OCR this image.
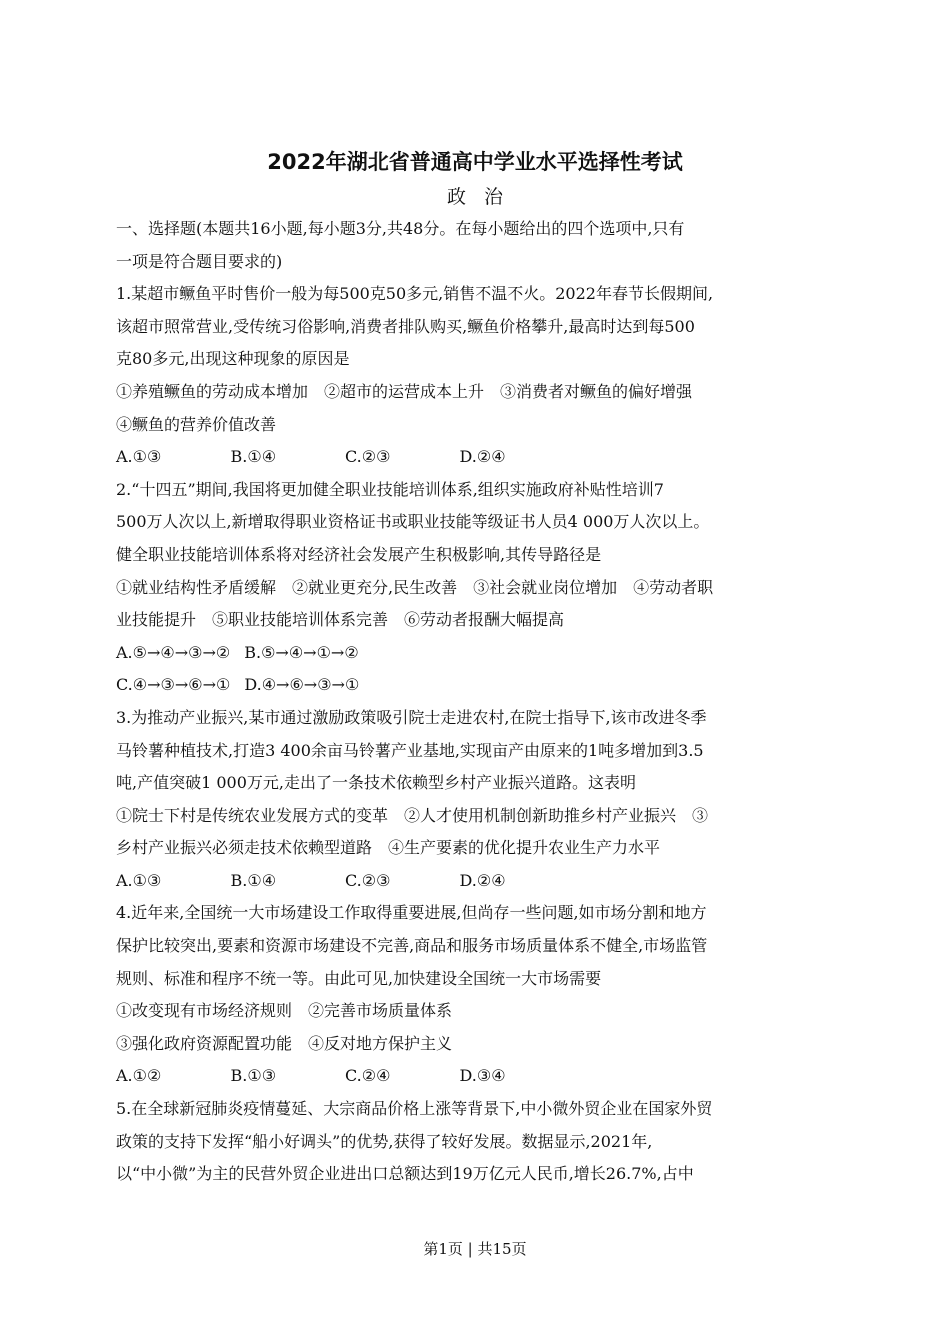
2022年湖北省普通高中学业水平选择性考试
政治
一、选择题(本题共16小题,每小题3分,共48分。在每小题给出的四个选项中,只有
一项是符合题目要求的)
1.某超市鳜鱼平时售价一般为每500克50多元,销售不温不火。2022年春节长假期间,
该超市照常营业,受传统习俗影响,消费者排队购买,鳜鱼价格攀升,最高时达到每500
克80多元,出现这种现象的原因是
①养殖鳜鱼的劳动成本增加　②超市的运营成本上升　③消费者对鳜鱼的偏好增强
④鳜鱼的营养价值改善
A.①③	B.①④	C.②③	D.②④
2.“十四五”期间,我国将更加健全职业技能培训体系,组织实施政府补贴性培训7
500万人次以上,新增取得职业资格证书或职业技能等级证书人员4 000万人次以上。
健全职业技能培训体系将对经济社会发展产生积极影响,其传导路径是
①就业结构性矛盾缓解　②就业更充分,民生改善　③社会就业岗位增加　④劳动者职
业技能提升　⑤职业技能培训体系完善　⑥劳动者报酬大幅提高
A.⑤→④→③→② B.⑤→④→①→②
C.④→③→⑥→① D.④→⑥→③→①
3.为推动产业振兴,某市通过激励政策吸引院士走进农村,在院士指导下,该市改进冬季
马铃薯种植技术,打造3 400余亩马铃薯产业基地,实现亩产由原来的1吨多增加到3.5
吨,产值突破1 000万元,走出了一条技术依赖型乡村产业振兴道路。这表明
①院士下村是传统农业发展方式的变革　②人才使用机制创新助推乡村产业振兴　③
乡村产业振兴必须走技术依赖型道路　④生产要素的优化提升农业生产力水平
A.①③	B.①④	C.②③	D.②④
4.近年来,全国统一大市场建设工作取得重要进展,但尚存一些问题,如市场分割和地方
保护比较突出,要素和资源市场建设不完善,商品和服务市场质量体系不健全,市场监管
规则、标准和程序不统一等。由此可见,加快建设全国统一大市场需要
①改变现有市场经济规则　②完善市场质量体系
③强化政府资源配置功能　④反对地方保护主义
A.①②	B.①③	C.②④	D.③④
5.在全球新冠肺炎疫情蔓延、大宗商品价格上涨等背景下,中小微外贸企业在国家外贸
政策的支持下发挥“船小好调头”的优势,获得了较好发展。数据显示,2021年,
以“中小微”为主的民营外贸企业进出口总额达到19万亿元人民币,增长26.7%,占中
第1页 | 共15页
